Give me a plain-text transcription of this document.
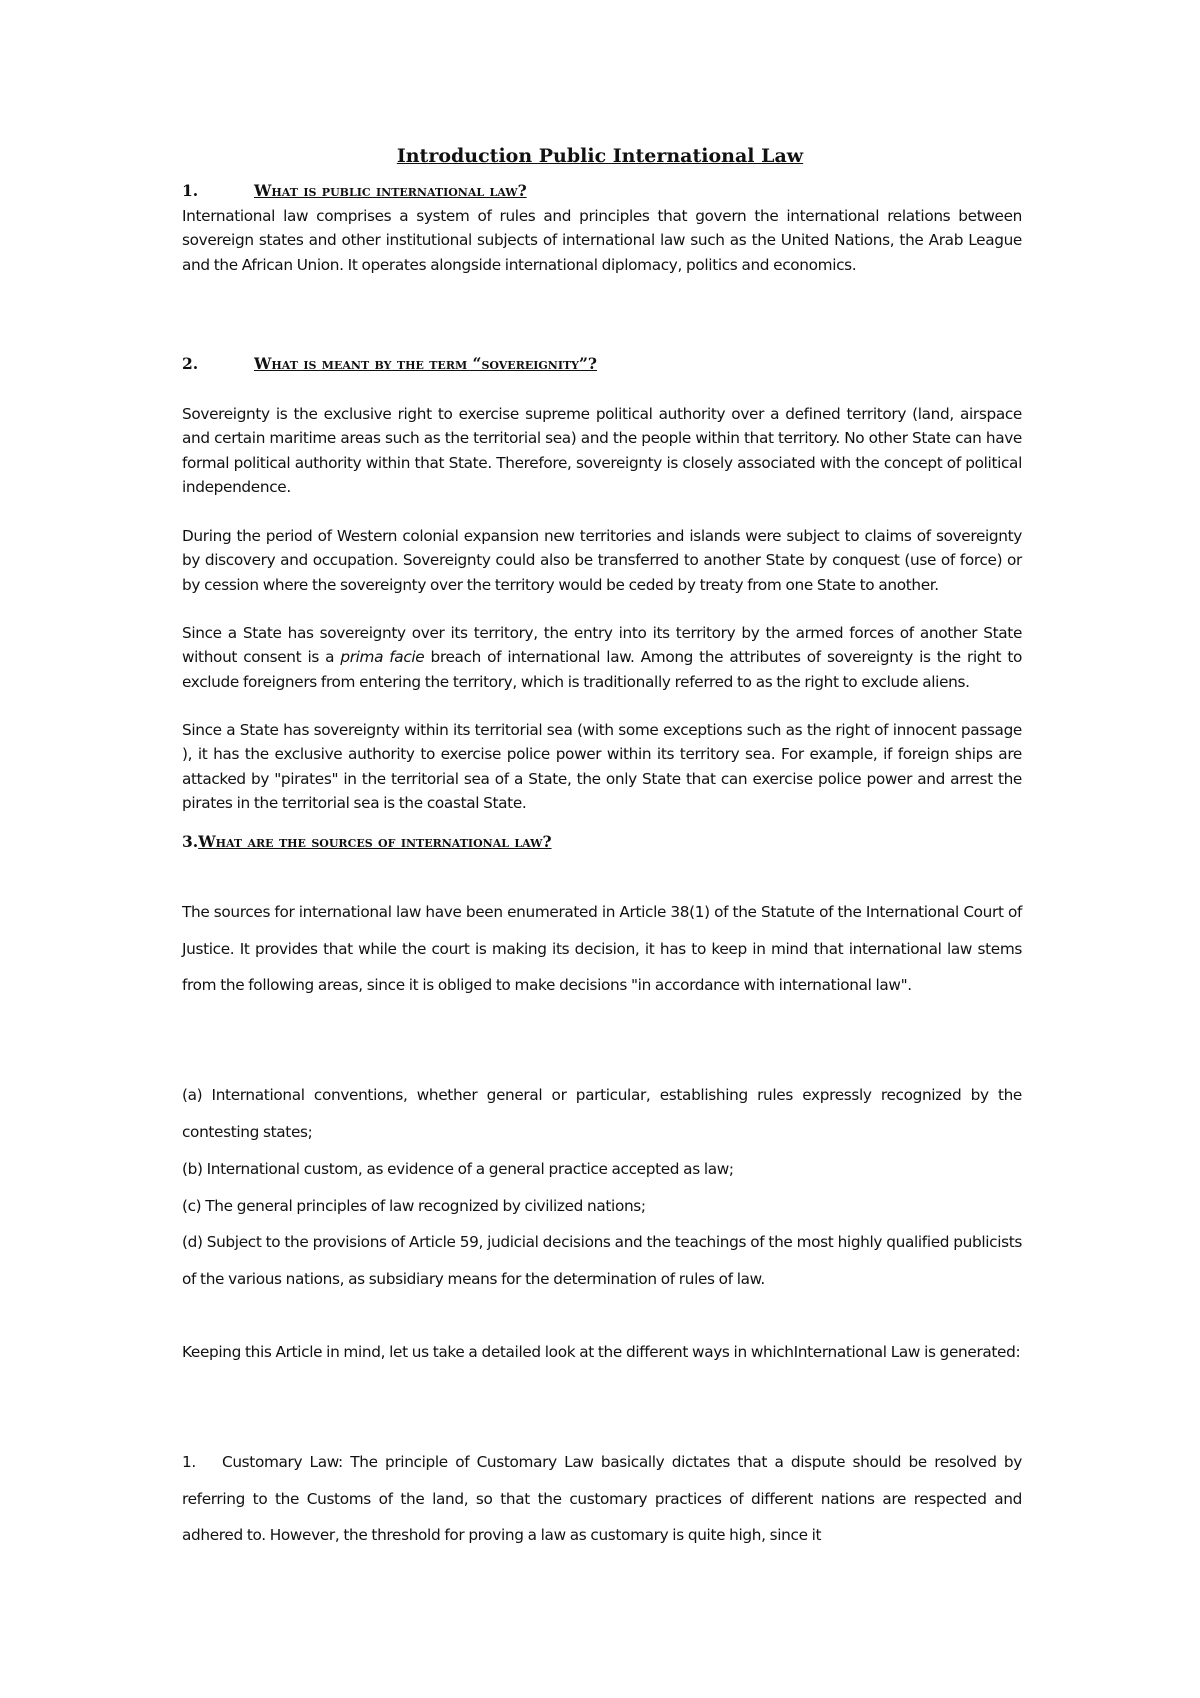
Introduction Public International Law
1.	What is public international law?

International law comprises a system of rules and principles that govern the international relations between sovereign states and other institutional subjects of international law such as the United Nations, the Arab League and the African Union. It operates alongside international diplomacy, politics and economics.

2.	What is meant by the term “sovereignity”?

Sovereignty is the exclusive right to exercise supreme political authority over a defined territory (land, airspace and certain maritime areas such as the territorial sea) and the people within that territory. No other State can have formal political authority within that State. Therefore, sovereignty is closely associated with the concept of political independence.

During the period of Western colonial expansion new territories and islands were subject to claims of sovereignty by discovery and occupation. Sovereignty could also be transferred to another State by conquest (use of force) or by cession where the sovereignty over the territory would be ceded by treaty from one State to another.

Since a State has sovereignty over its territory, the entry into its territory by the armed forces of another State without consent is a prima facie breach of international law. Among the attributes of sovereignty is the right to exclude foreigners from entering the territory, which is traditionally referred to as the right to exclude aliens.

Since a State has sovereignty within its territorial sea (with some exceptions such as the right of innocent passage ), it has the exclusive authority to exercise police power within its territory sea. For example, if foreign ships are attacked by "pirates" in the territorial sea of a State, the only State that can exercise police power and arrest the pirates in the territorial sea is the coastal State.

3.What are the sources of international law?

The sources for international law have been enumerated in Article 38(1) of the Statute of the International Court of Justice. It provides that while the court is making its decision, it has to keep in mind that international law stems from the following areas, since it is obliged to make decisions "in accordance with international law".

(a) International conventions, whether general or particular, establishing rules expressly recognized by the contesting states;

(b) International custom, as evidence of a general practice accepted as law;

(c) The general principles of law recognized by civilized nations;

(d) Subject to the provisions of Article 59, judicial decisions and the teachings of the most highly qualified publicists of the various nations, as subsidiary means for the determination of rules of law.

Keeping this Article in mind, let us take a detailed look at the different ways in whichInternational Law is generated:

1. Customary Law: The principle of Customary Law basically dictates that a dispute should be resolved by referring to the Customs of the land, so that the customary practices of different nations are respected and adhered to. However, the threshold for proving a law as customary is quite high, since it
